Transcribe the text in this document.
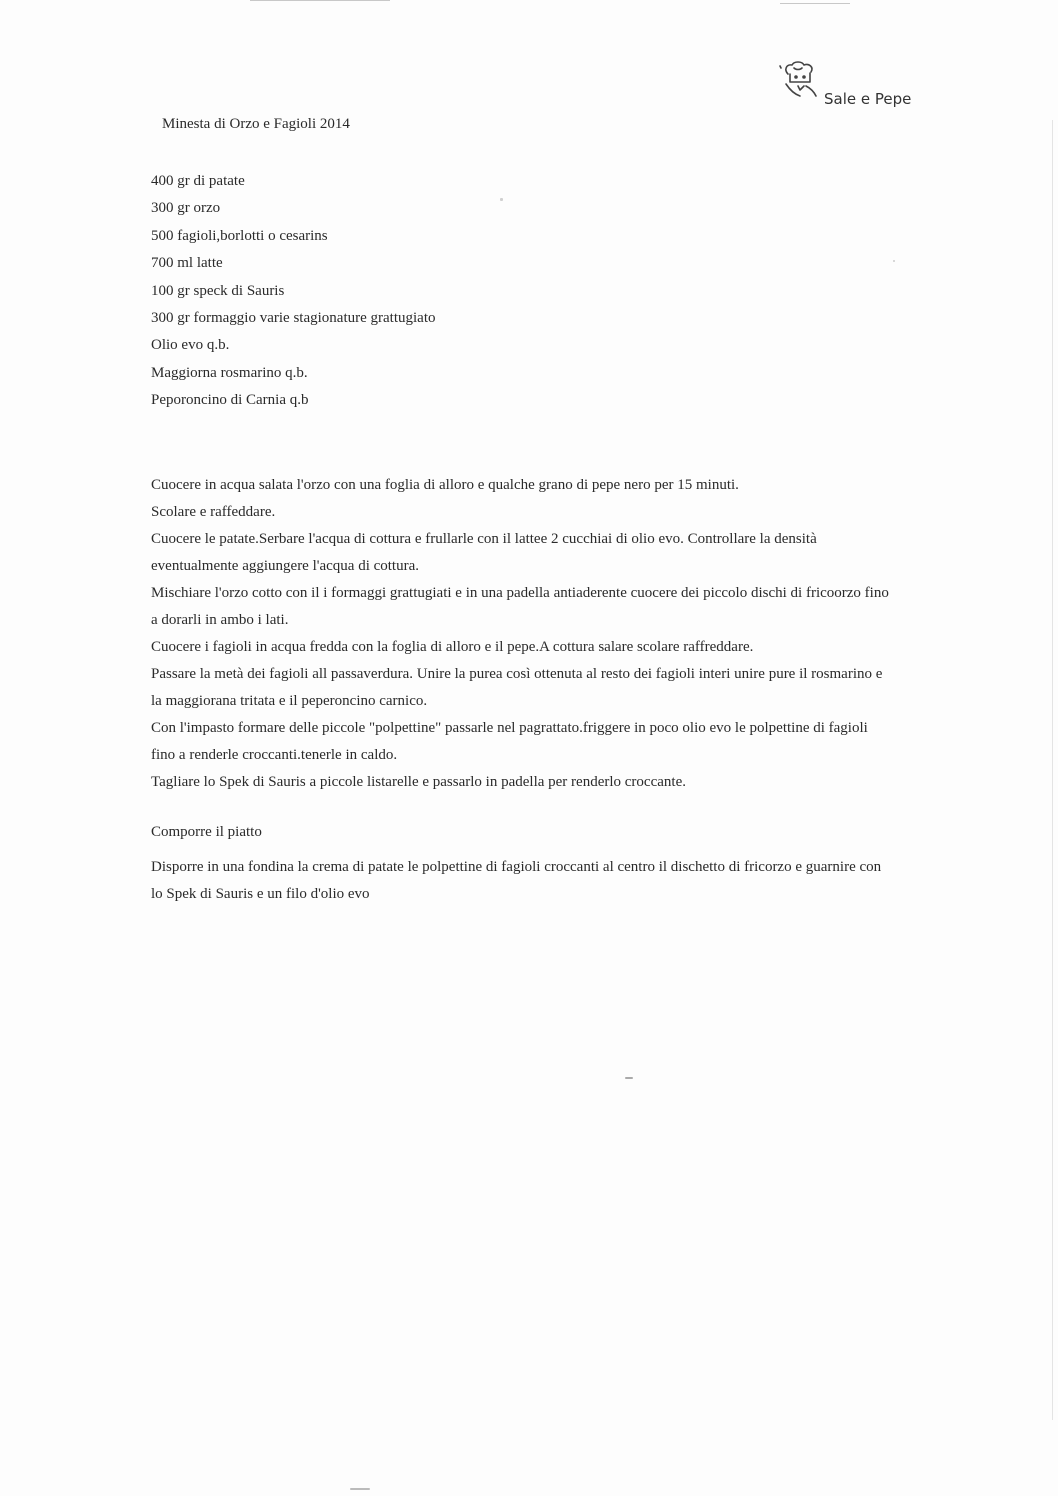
Sale e Pepe
Minesta di Orzo e Fagioli 2014
400 gr di patate
300 gr orzo
500 fagioli,borlotti o cesarins
700 ml latte
100 gr speck di Sauris
300 gr formaggio varie stagionature grattugiato
Olio evo q.b.
Maggiorna rosmarino q.b.
Peporoncino di Carnia q.b
Cuocere in acqua salata l'orzo con una foglia di alloro e qualche grano di pepe nero per 15 minuti.
Scolare e raffeddare.
Cuocere le patate.Serbare l'acqua di cottura e frullarle con il lattee 2 cucchiai di olio evo. Controllare la densità eventualmente aggiungere l'acqua di cottura.
Mischiare l'orzo cotto con il i formaggi grattugiati e in una padella antiaderente cuocere dei piccolo dischi di fricoorzo fino a dorarli in ambo i lati.
Cuocere i fagioli in acqua fredda con la foglia di alloro e il pepe.A cottura salare scolare raffreddare.
Passare la metà dei fagioli all passaverdura. Unire la purea così ottenuta al resto dei fagioli interi unire pure il rosmarino e la maggiorana tritata e il peperoncino carnico.
Con l'impasto formare delle piccole "polpettine" passarle nel pagrattato.friggere in poco olio evo le polpettine di fagioli fino a renderle croccanti.tenerle in caldo.
Tagliare lo Spek di Sauris a piccole listarelle e passarlo in padella per renderlo croccante.
Comporre il piatto
Disporre in una fondina la crema di patate le polpettine di fagioli croccanti al centro il dischetto di fricorzo e guarnire con lo Spek di Sauris e un filo d'olio evo
